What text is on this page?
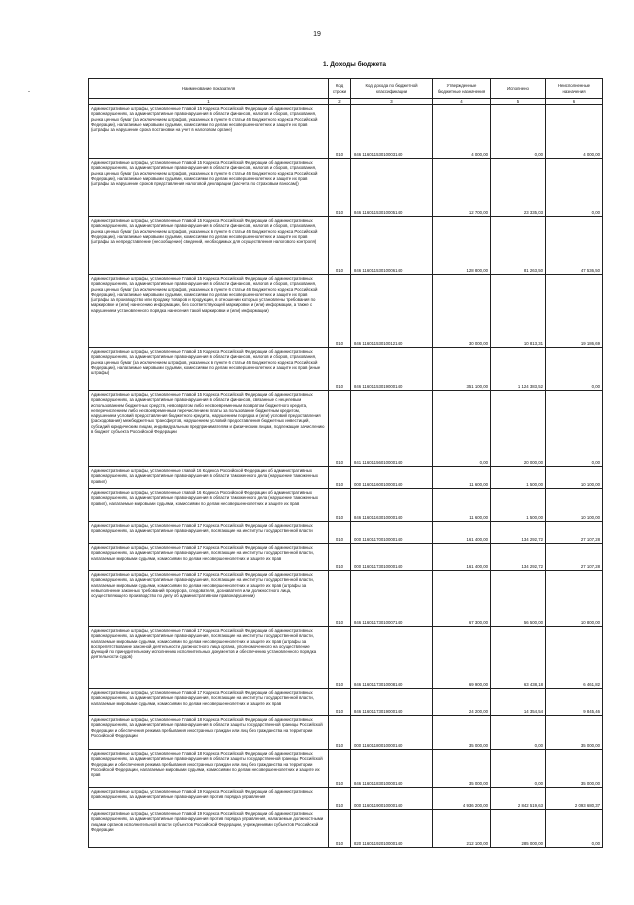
19
1. Доходы бюджета
-
Наименование показателя	Код строки	Код дохода по бюджетной классификации	Утвержденные бюджетные назначения	Исполнено	Неисполненные назначения
1	2	3	4	5	6
Административные штрафы, установленные Главой 15 Кодекса Российской Федерации об административных правонарушениях, за административные правонарушения в области финансов, налогов и сборов, страхования, рынка ценных бумаг (за исключением штрафов, указанных в пункте 6 статьи 46 Бюджетного кодекса Российской Федерации), налагаемые мировыми судьями, комиссиями по делам несовершеннолетних и защите их прав (штрафы за нарушение срока постановки на учет в налоговом органе)	010	846 11601153010003140	4 000,00	0,00	4 000,00
Административные штрафы, установленные Главой 15 Кодекса Российской Федерации об административных правонарушениях, за административные правонарушения в области финансов, налогов и сборов, страхования, рынка ценных бумаг (за исключением штрафов, указанных в пункте 6 статьи 46 Бюджетного кодекса Российской Федерации), налагаемые мировыми судьями, комиссиями по делам несовершеннолетних и защите их прав (штрафы за нарушение сроков представления налоговой декларации (расчета по страховым взносам))	010	846 11601153010005140	12 700,00	23 335,03	0,00
Административные штрафы, установленные Главой 15 Кодекса Российской Федерации об административных правонарушениях, за административные правонарушения в области финансов, налогов и сборов, страхования, рынка ценных бумаг (за исключением штрафов, указанных в пункте 6 статьи 46 Бюджетного кодекса Российской Федерации), налагаемые мировыми судьями, комиссиями по делам несовершеннолетних и защите их прав (штрафы за непредставление (несообщение) сведений, необходимых для осуществления налогового контроля)	010	846 11601153010006140	128 800,00	81 263,50	47 536,50
Административные штрафы, установленные Главой 15 Кодекса Российской Федерации об административных правонарушениях, за административные правонарушения в области финансов, налогов и сборов, страхования, рынка ценных бумаг (за исключением штрафов, указанных в пункте 6 статьи 46 Бюджетного кодекса Российской Федерации), налагаемые мировыми судьями, комиссиями по делам несовершеннолетних и защите их прав (штрафы за производство или продажу товаров и продукции, в отношении которых установлены требования по маркировке и (или) нанесению информации, без соответствующей маркировки и (или) информации, а также с нарушением установленного порядка нанесения такой маркировки и (или) информации)	010	846 11601153010012140	30 000,00	10 813,31	19 186,69
Административные штрафы, установленные Главой 15 Кодекса Российской Федерации об административных правонарушениях, за административные правонарушения в области финансов, налогов и сборов, страхования, рынка ценных бумаг (за исключением штрафов, указанных в пункте 6 статьи 46 Бюджетного кодекса Российской Федерации), налагаемые мировыми судьями, комиссиями по делам несовершеннолетних и защите их прав (иные штрафы)	010	846 11601153019000140	351 100,00	1 124 383,52	0,00
Административные штрафы, установленные Главой 15 Кодекса Российской Федерации об административных правонарушениях, за административные правонарушения в области финансов, связанные с нецелевым использованием бюджетных средств, невозвратом либо несвоевременным возвратом бюджетного кредита, неперечислением либо несвоевременным перечислением платы за пользование бюджетным кредитом, нарушением условий предоставления бюджетного кредита, нарушением порядка и (или) условий предоставления (расходования) межбюджетных трансфертов, нарушением условий предоставления бюджетных инвестиций, субсидий юридическим лицам, индивидуальным предпринимателям и физическим лицам, подлежащие зачислению в бюджет субъекта Российской Федерации	010	841 11601156010000140	0,00	20 000,00	0,00
Административные штрафы, установленные главой 16 Кодекса Российской Федерации об административных правонарушениях, за административные правонарушения в области таможенного дела (нарушение таможенных правил)	010	000 11601160010000140	11 600,00	1 500,00	10 100,00
Административные штрафы, установленные главой 16 Кодекса Российской Федерации об административных правонарушениях, за административные правонарушения в области таможенного дела (нарушение таможенных правил), налагаемые мировыми судьями, комиссиями по делам несовершеннолетних и защите их прав	010	846 11601163010000140	11 600,00	1 500,00	10 100,00
Административные штрафы, установленные Главой 17 Кодекса Российской Федерации об административных правонарушениях, за административные правонарушения, посягающие на институты государственной власти	010	000 11601170010000140	161 400,00	134 292,72	27 107,28
Административные штрафы, установленные Главой 17 Кодекса Российской Федерации об административных правонарушениях, за административные правонарушения, посягающие на институты государственной власти, налагаемые мировыми судьями, комиссиями по делам несовершеннолетних и защите их прав	010	000 11601173010000140	161 400,00	134 292,72	27 107,28
Административные штрафы, установленные Главой 17 Кодекса Российской Федерации об административных правонарушениях, за административные правонарушения, посягающие на институты государственной власти, налагаемые мировыми судьями, комиссиями по делам несовершеннолетних и защите их прав (штрафы за невыполнение законных требований прокурора, следователя, дознавателя или должностного лица, осуществляющего производство по делу об административном правонарушении)	010	846 11601173010007140	67 300,00	56 500,00	10 800,00
Административные штрафы, установленные Главой 17 Кодекса Российской Федерации об административных правонарушениях, за административные правонарушения, посягающие на институты государственной власти, налагаемые мировыми судьями, комиссиями по делам несовершеннолетних и защите их прав (штрафы за воспрепятствование законной деятельности должностного лица органа, уполномоченного на осуществление функций по принудительному исполнению исполнительных документов и обеспечению установленного порядка деятельности судов)	010	846 11601173010008140	69 900,00	63 438,18	6 461,82
Административные штрафы, установленные Главой 17 Кодекса Российской Федерации об административных правонарушениях, за административные правонарушения, посягающие на институты государственной власти, налагаемые мировыми судьями, комиссиями по делам несовершеннолетних и защите их прав	010	846 11601173019000140	24 200,00	14 354,54	9 845,46
Административные штрафы, установленные Главой 18 Кодекса Российской Федерации об административных правонарушениях, за административные правонарушения в области защиты государственной границы Российской Федерации и обеспечения режима пребывания иностранных граждан или лиц без гражданства на территории Российской Федерации	010	000 11601180010000140	35 000,00	0,00	35 000,00
Административные штрафы, установленные Главой 18 Кодекса Российской Федерации об административных правонарушениях, за административные правонарушения в области защиты государственной границы Российской Федерации и обеспечения режима пребывания иностранных граждан или лиц без гражданства на территории Российской Федерации, налагаемые мировыми судьями, комиссиями по делам несовершеннолетних и защите их прав	010	846 11601183010000140	35 000,00	0,00	35 000,00
Административные штрафы, установленные Главой 19 Кодекса Российской Федерации об административных правонарушениях, за административные правонарушения против порядка управления	010	000 11601190010000140	4 936 200,00	2 842 519,63	2 093 680,37
Административные штрафы, установленные Главой 19 Кодекса Российской Федерации об административных правонарушениях, за административные правонарушения против порядка управления, налагаемые должностными лицами органов исполнительной власти субъектов Российской Федерации, учреждениями субъектов Российской Федерации	010	820 11601192010000140	212 100,00	285 000,00	0,00
